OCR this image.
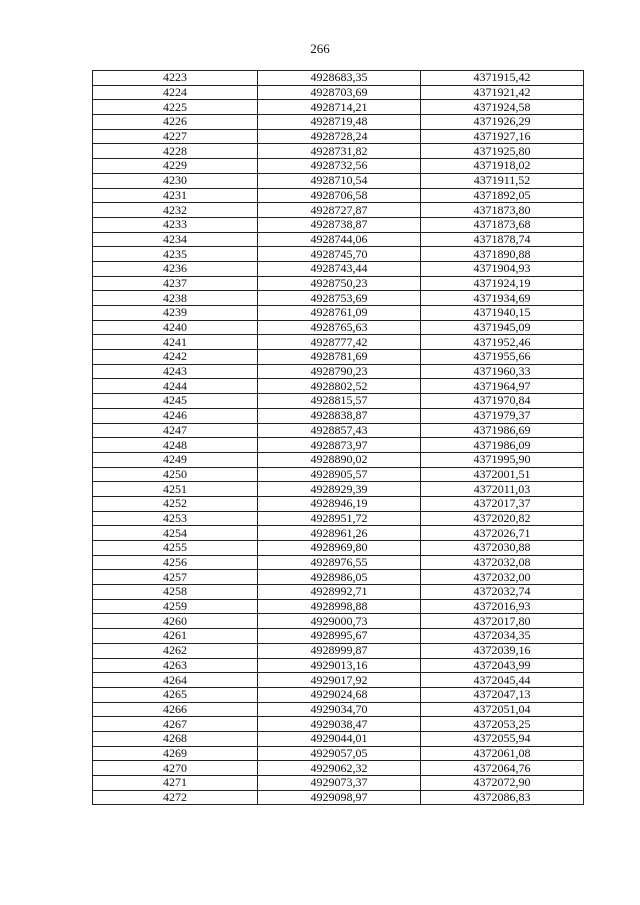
266
4223	4928683,35	4371915,42
4224	4928703,69	4371921,42
4225	4928714,21	4371924,58
4226	4928719,48	4371926,29
4227	4928728,24	4371927,16
4228	4928731,82	4371925,80
4229	4928732,56	4371918,02
4230	4928710,54	4371911,52
4231	4928706,58	4371892,05
4232	4928727,87	4371873,80
4233	4928738,87	4371873,68
4234	4928744,06	4371878,74
4235	4928745,70	4371890,88
4236	4928743,44	4371904,93
4237	4928750,23	4371924,19
4238	4928753,69	4371934,69
4239	4928761,09	4371940,15
4240	4928765,63	4371945,09
4241	4928777,42	4371952,46
4242	4928781,69	4371955,66
4243	4928790,23	4371960,33
4244	4928802,52	4371964,97
4245	4928815,57	4371970,84
4246	4928838,87	4371979,37
4247	4928857,43	4371986,69
4248	4928873,97	4371986,09
4249	4928890,02	4371995,90
4250	4928905,57	4372001,51
4251	4928929,39	4372011,03
4252	4928946,19	4372017,37
4253	4928951,72	4372020,82
4254	4928961,26	4372026,71
4255	4928969,80	4372030,88
4256	4928976,55	4372032,08
4257	4928986,05	4372032,00
4258	4928992,71	4372032,74
4259	4928998,88	4372016,93
4260	4929000,73	4372017,80
4261	4928995,67	4372034,35
4262	4928999,87	4372039,16
4263	4929013,16	4372043,99
4264	4929017,92	4372045,44
4265	4929024,68	4372047,13
4266	4929034,70	4372051,04
4267	4929038,47	4372053,25
4268	4929044,01	4372055,94
4269	4929057,05	4372061,08
4270	4929062,32	4372064,76
4271	4929073,37	4372072,90
4272	4929098,97	4372086,83
